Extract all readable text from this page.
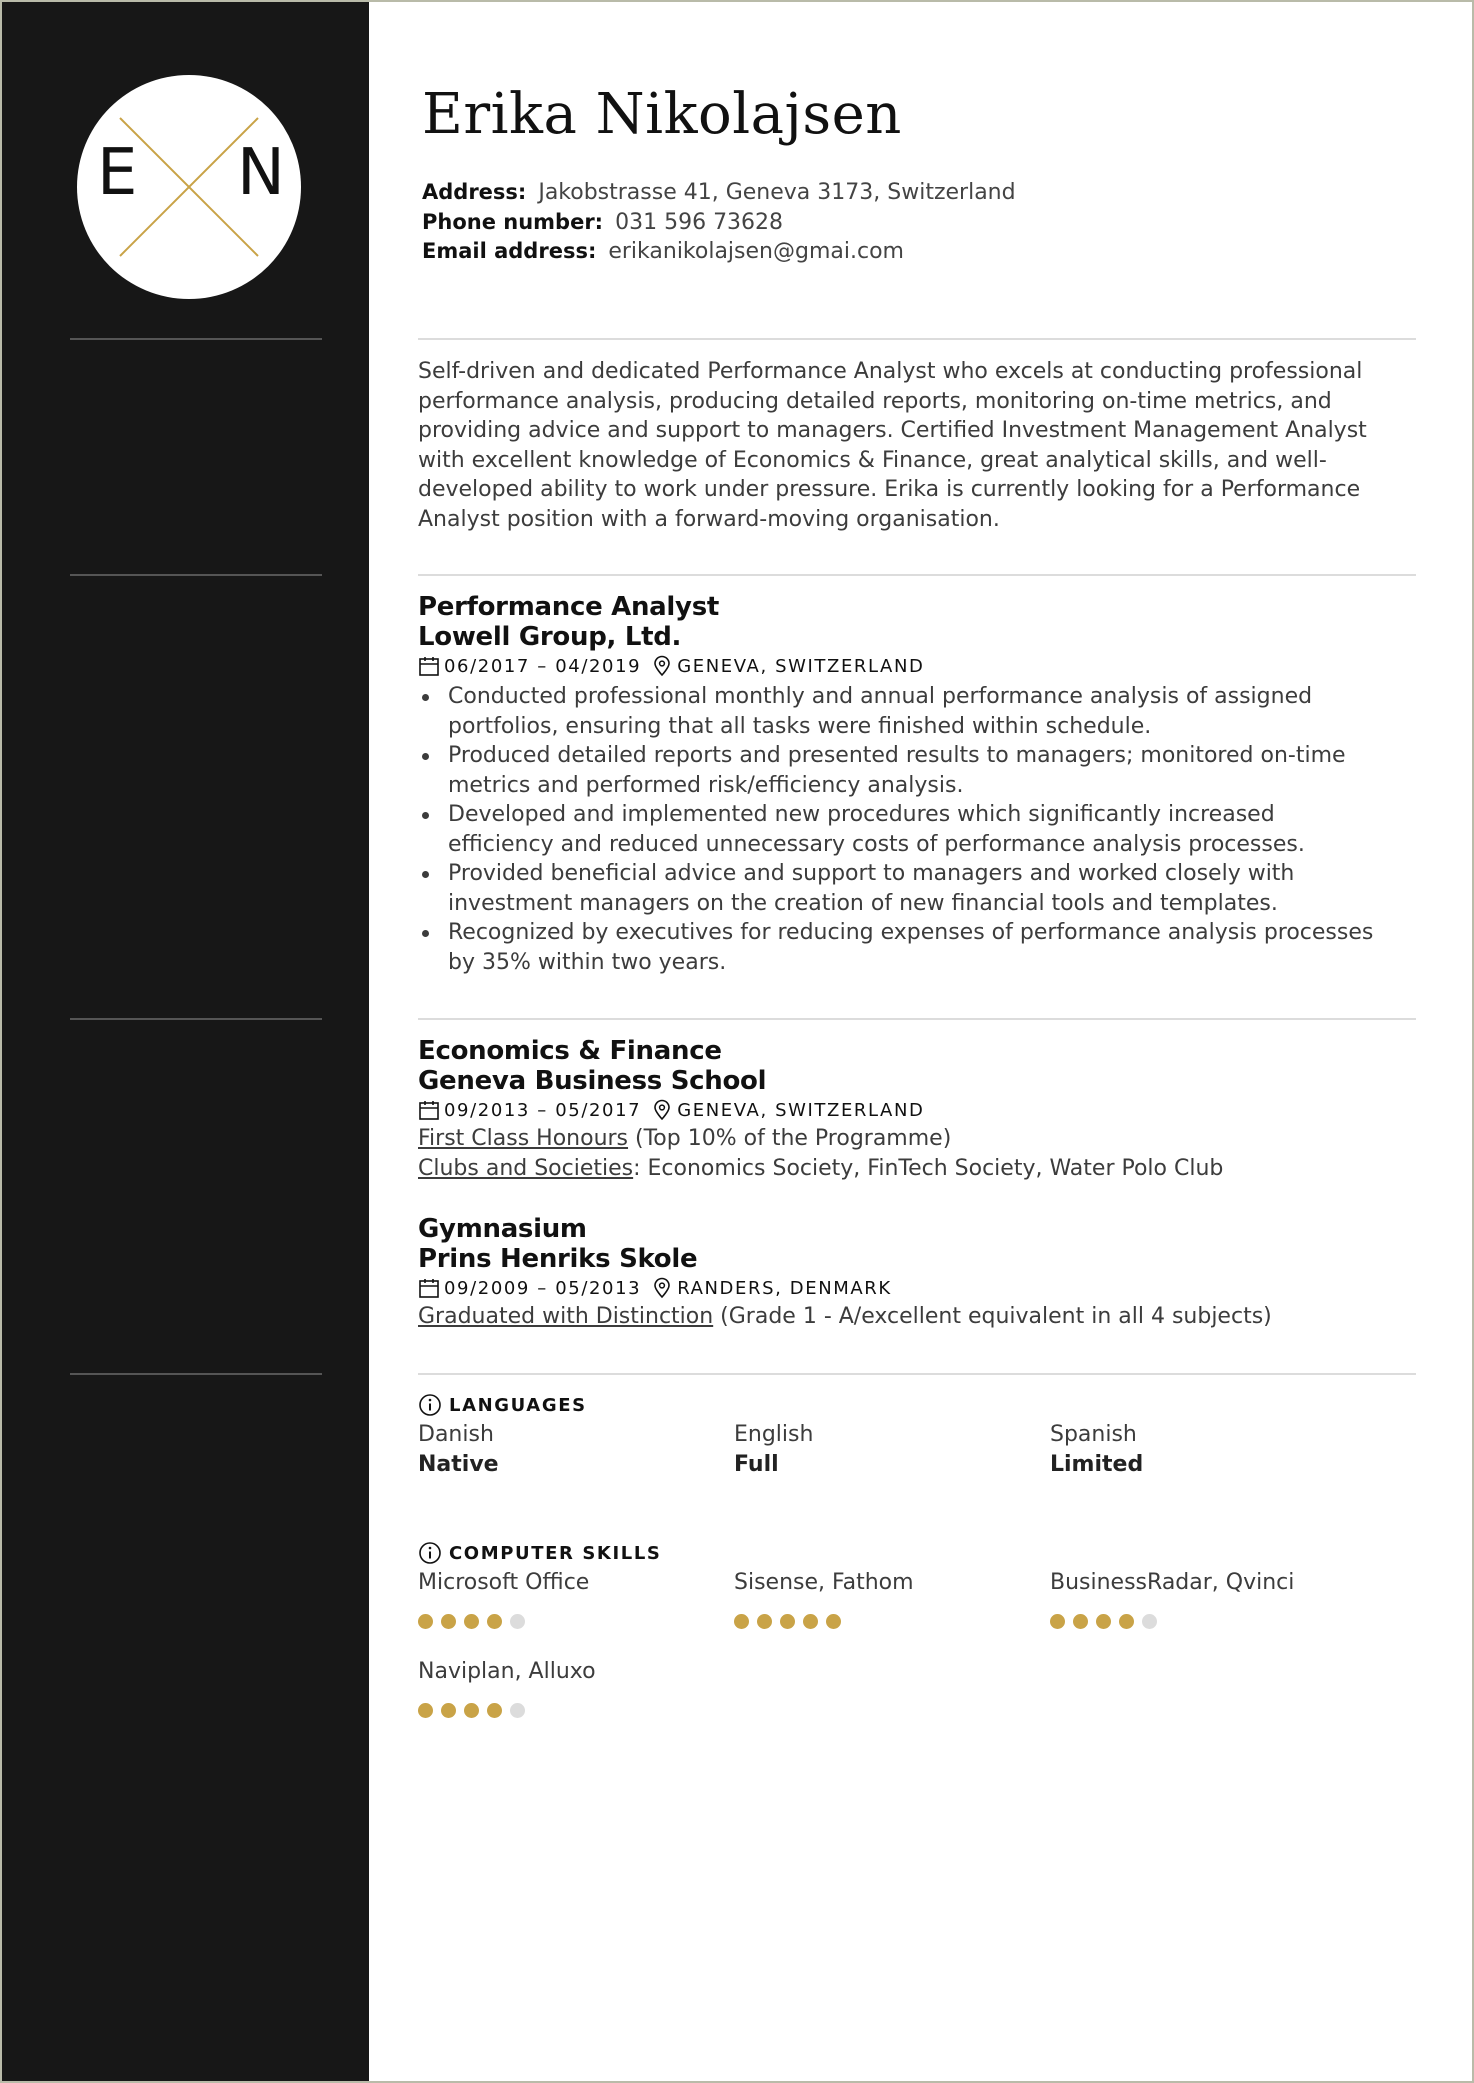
E N
Erika Nikolajsen
Address: Jakobstrasse 41, Geneva 3173, Switzerland
Phone number: 031 596 73628
Email address: erikanikolajsen@gmai.com
Self-driven and dedicated Performance Analyst who excels at conducting professional
performance analysis, producing detailed reports, monitoring on-time metrics, and
providing advice and support to managers. Certified Investment Management Analyst
with excellent knowledge of Economics & Finance, great analytical skills, and well-
developed ability to work under pressure. Erika is currently looking for a Performance
Analyst position with a forward-moving organisation.
Performance Analyst
Lowell Group, Ltd.
06/2017 – 04/2019 GENEVA, SWITZERLAND
Conducted professional monthly and annual performance analysis of assigned
portfolios, ensuring that all tasks were finished within schedule.
Produced detailed reports and presented results to managers; monitored on-time
metrics and performed risk/efficiency analysis.
Developed and implemented new procedures which significantly increased
efficiency and reduced unnecessary costs of performance analysis processes.
Provided beneficial advice and support to managers and worked closely with
investment managers on the creation of new financial tools and templates.
Recognized by executives for reducing expenses of performance analysis processes
by 35% within two years.
Economics & Finance
Geneva Business School
09/2013 – 05/2017 GENEVA, SWITZERLAND
First Class Honours (Top 10% of the Programme)
Clubs and Societies: Economics Society, FinTech Society, Water Polo Club
Gymnasium
Prins Henriks Skole
09/2009 – 05/2013 RANDERS, DENMARK
Graduated with Distinction (Grade 1 - A/excellent equivalent in all 4 subjects)
LANGUAGES
Danish
Native
English
Full
Spanish
Limited
COMPUTER SKILLS
Microsoft Office	Sisense, Fathom	BusinessRadar, Qvinci
Naviplan, Alluxo
